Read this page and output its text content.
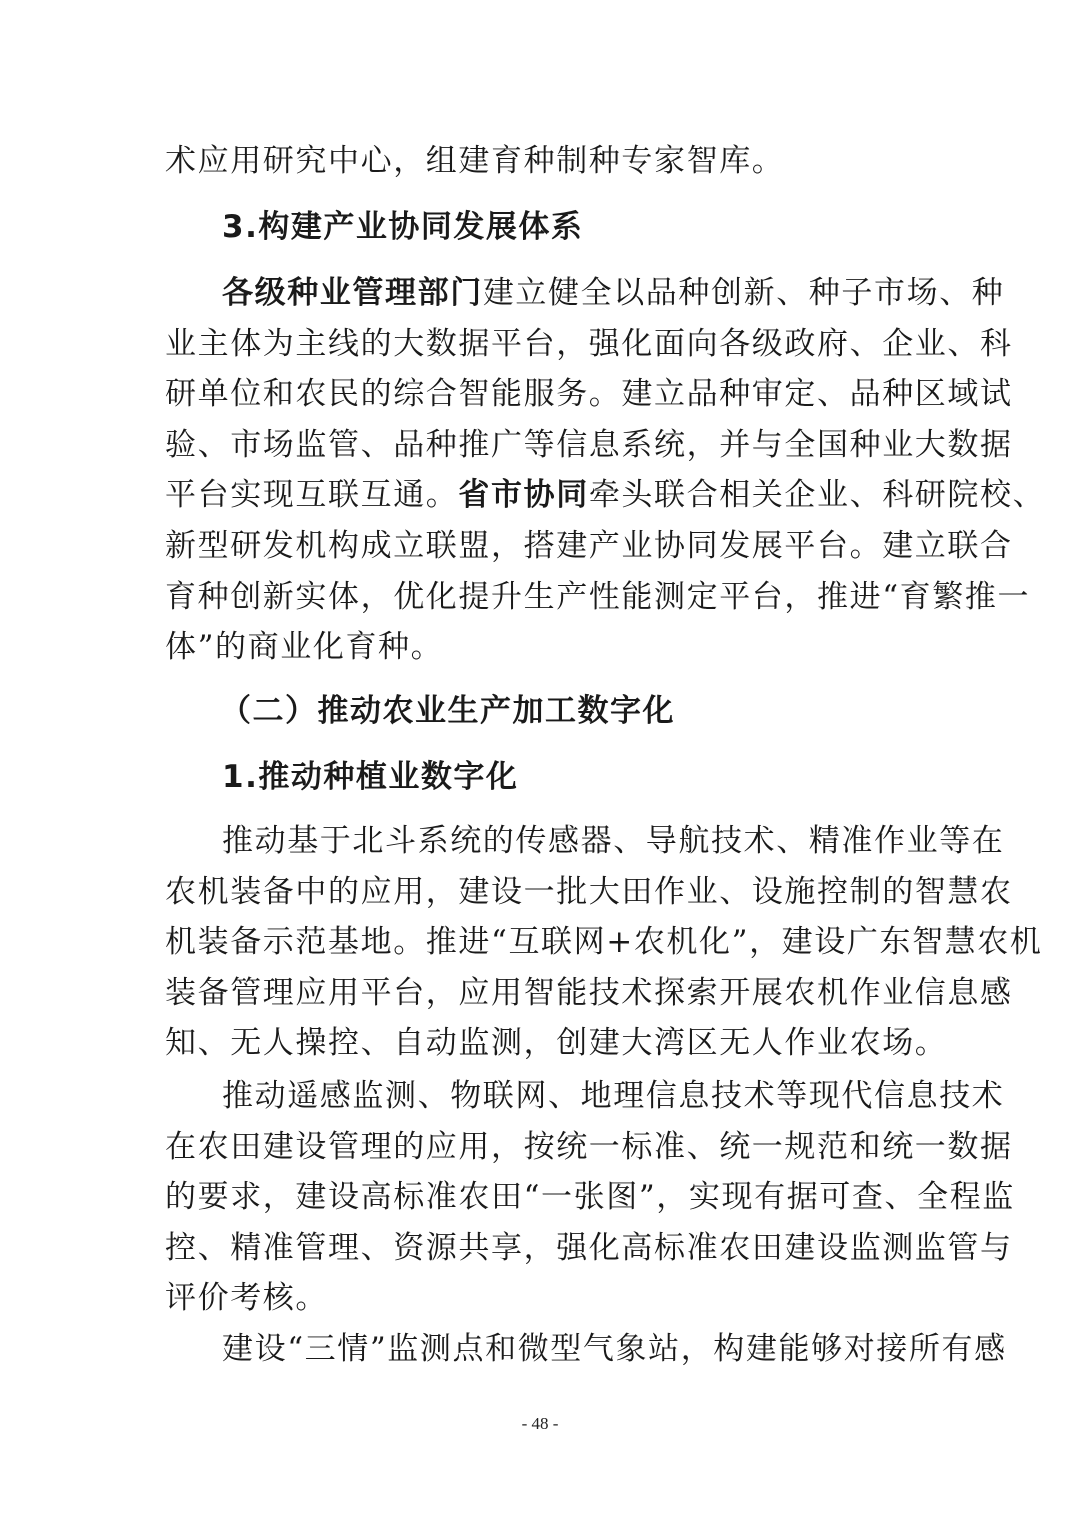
术应用研究中心，组建育种制种专家智库。
3.构建产业协同发展体系
各级种业管理部门建立健全以品种创新、种子市场、种
业主体为主线的大数据平台，强化面向各级政府、企业、科
研单位和农民的综合智能服务。建立品种审定、品种区域试
验、市场监管、品种推广等信息系统，并与全国种业大数据
平台实现互联互通。省市协同牵头联合相关企业、科研院校、
新型研发机构成立联盟，搭建产业协同发展平台。建立联合
育种创新实体，优化提升生产性能测定平台，推进“育繁推一
体”的商业化育种。
（二）推动农业生产加工数字化
1.推动种植业数字化
推动基于北斗系统的传感器、导航技术、精准作业等在
农机装备中的应用，建设一批大田作业、设施控制的智慧农
机装备示范基地。推进“互联网+农机化”，建设广东智慧农机
装备管理应用平台，应用智能技术探索开展农机作业信息感
知、无人操控、自动监测，创建大湾区无人作业农场。
推动遥感监测、物联网、地理信息技术等现代信息技术
在农田建设管理的应用，按统一标准、统一规范和统一数据
的要求，建设高标准农田“一张图”，实现有据可查、全程监
控、精准管理、资源共享，强化高标准农田建设监测监管与
评价考核。
建设“三情”监测点和微型气象站，构建能够对接所有感
- 48 -
